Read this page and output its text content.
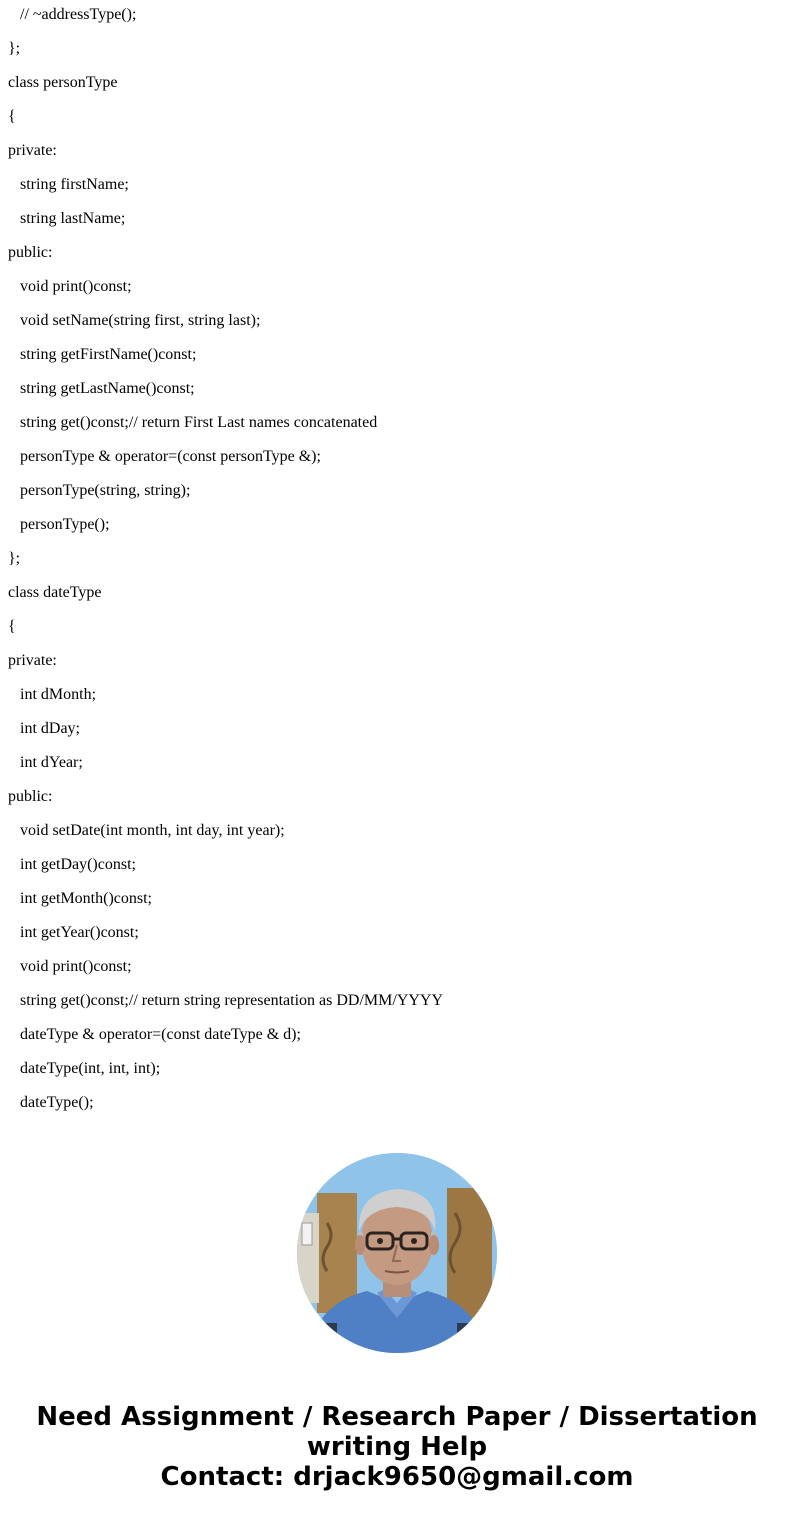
// ~addressType();
};
class personType
{
private:
string firstName;
string lastName;
public:
void print()const;
void setName(string first, string last);
string getFirstName()const;
string getLastName()const;
string get()const;// return First Last names concatenated
personType & operator=(const personType &);
personType(string, string);
personType();
};
class dateType
{
private:
int dMonth;
int dDay;
int dYear;
public:
void setDate(int month, int day, int year);
int getDay()const;
int getMonth()const;
int getYear()const;
void print()const;
string get()const;// return string representation as DD/MM/YYYY
dateType & operator=(const dateType & d);
dateType(int, int, int);
dateType();
Need Assignment / Research Paper / Dissertation
writing Help
Contact: drjack9650@gmail.com
